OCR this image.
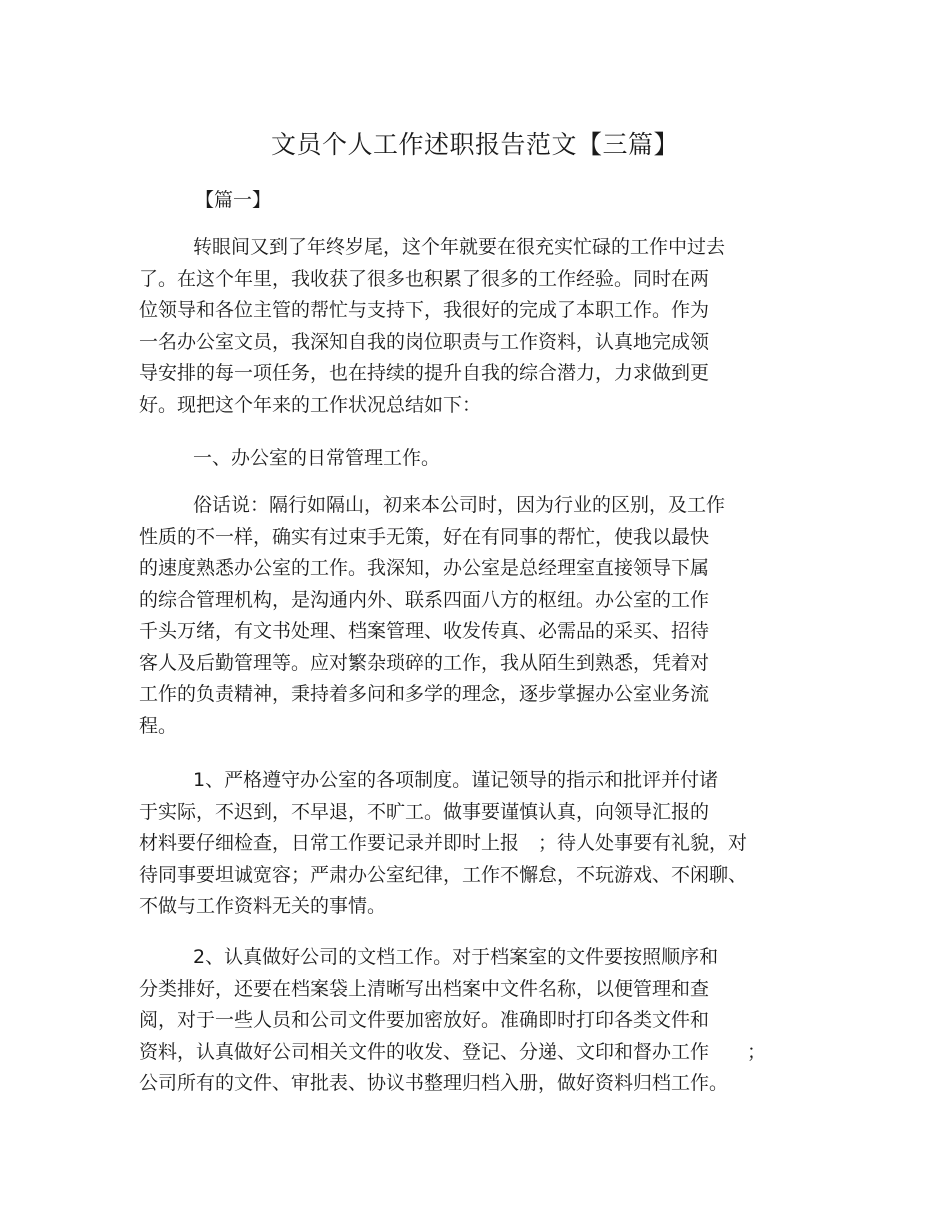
文员个人工作述职报告范文【三篇】
【篇一】
转眼间又到了年终岁尾，这个年就要在很充实忙碌的工作中过去
了。在这个年里，我收获了很多也积累了很多的工作经验。同时在两
位领导和各位主管的帮忙与支持下，我很好的完成了本职工作。作为
一名办公室文员，我深知自我的岗位职责与工作资料，认真地完成领
导安排的每一项任务，也在持续的提升自我的综合潜力，力求做到更
好。现把这个年来的工作状况总结如下：
一、办公室的日常管理工作。
俗话说：隔行如隔山，初来本公司时，因为行业的区别，及工作
性质的不一样，确实有过束手无策，好在有同事的帮忙，使我以最快
的速度熟悉办公室的工作。我深知，办公室是总经理室直接领导下属
的综合管理机构，是沟通内外、联系四面八方的枢纽。办公室的工作
千头万绪，有文书处理、档案管理、收发传真、必需品的采买、招待
客人及后勤管理等。应对繁杂琐碎的工作，我从陌生到熟悉，凭着对
工作的负责精神，秉持着多问和多学的理念，逐步掌握办公室业务流
程。
1、严格遵守办公室的各项制度。谨记领导的指示和批评并付诸
于实际，不迟到，不早退，不旷工。做事要谨慎认真，向领导汇报的
材料要仔细检查，日常工作要记录并即时上报　；待人处事要有礼貌，对
待同事要坦诚宽容；严肃办公室纪律，工作不懈怠，不玩游戏、不闲聊、
不做与工作资料无关的事情。
2、认真做好公司的文档工作。对于档案室的文件要按照顺序和
分类排好，还要在档案袋上清晰写出档案中文件名称，以便管理和查
阅，对于一些人员和公司文件要加密放好。准确即时打印各类文件和
资料，认真做好公司相关文件的收发、登记、分递、文印和督办工作　　；
公司所有的文件、审批表、协议书整理归档入册，做好资料归档工作。
